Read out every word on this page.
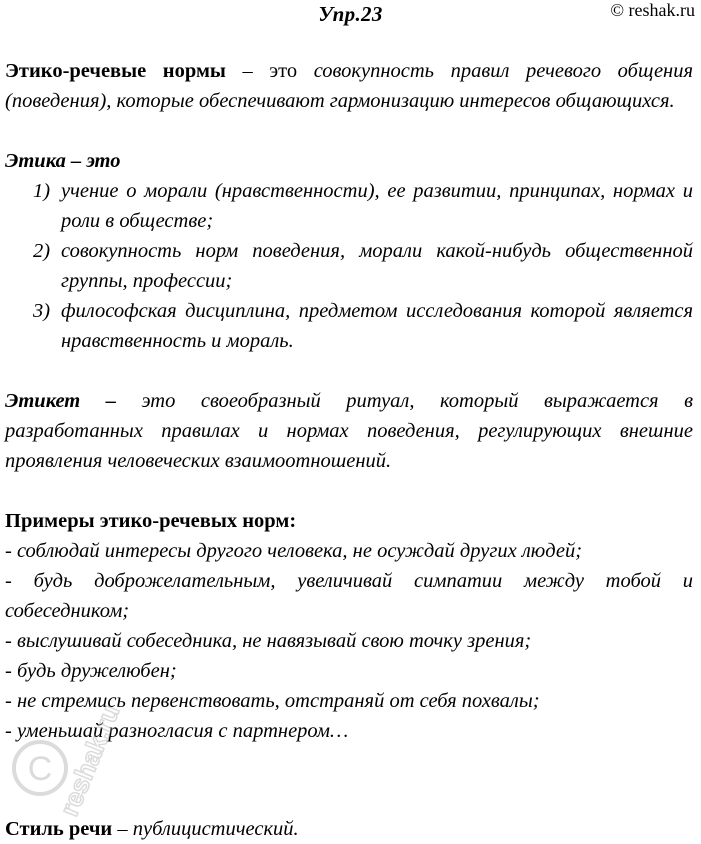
Упр.23	© reshak.ru

Этико-речевые нормы – это совокупность правил речевого общения (поведения), которые обеспечивают гармонизацию интересов общающихся.

Этика – это

1) учение о морали (нравственности), ее развитии, принципах, нормах и роли в обществе;
2) совокупность норм поведения, морали какой-нибудь общественной группы, профессии;
3) философская дисциплина, предметом исследования которой является нравственность и мораль.

Этикет – это своеобразный ритуал, который выражается в разработанных правилах и нормах поведения, регулирующих внешние проявления человеческих взаимоотношений.

Примеры этико-речевых норм:

- соблюдай интересы другого человека, не осуждай других людей;
- будь доброжелательным, увеличивай симпатии между тобой и собеседником;
- выслушивай собеседника, не навязывай свою точку зрения;
- будь дружелюбен;
- не стремись первенствовать, отстраняй от себя похвалы;
- уменьшай разногласия с партнером…
Стиль речи – публицистический.
C reshak.ru
